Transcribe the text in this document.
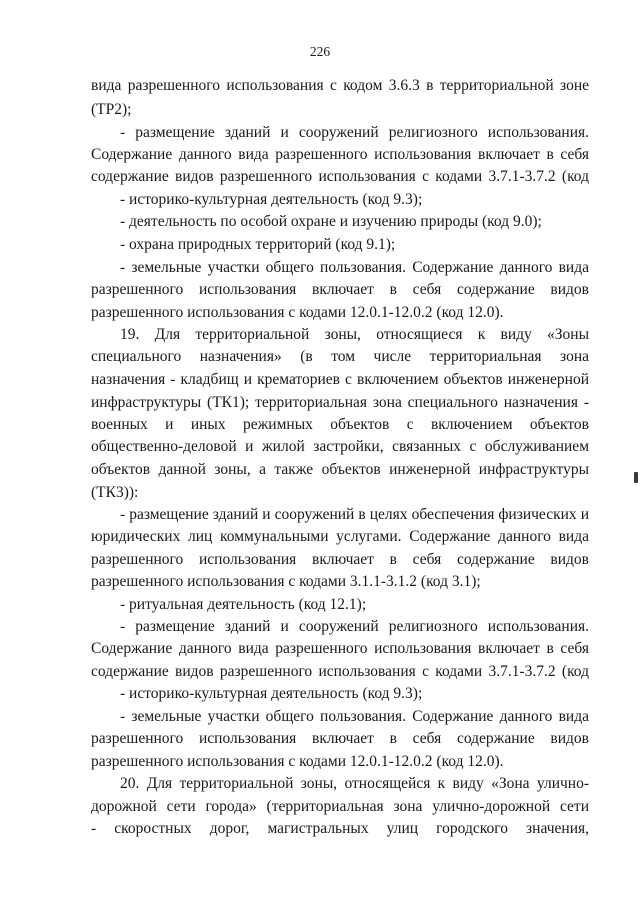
226
вида разрешенного использования с кодом 3.6.3 в территориальной зоне
(ТР2);
- размещение зданий и сооружений религиозного использования.
Содержание данного вида разрешенного использования включает в себя
содержание видов разрешенного использования с кодами 3.7.1-3.7.2 (код
- историко-культурная деятельность (код 9.3);
- деятельность по особой охране и изучению природы (код 9.0);
- охрана природных территорий (код 9.1);
- земельные участки общего пользования. Содержание данного вида
разрешенного использования включает в себя содержание видов
разрешенного использования с кодами 12.0.1-12.0.2 (код 12.0).
19. Для территориальной зоны, относящиеся к виду «Зоны
специального назначения» (в том числе территориальная зона
назначения - кладбищ и крематориев с включением объектов инженерной
инфраструктуры (ТК1); территориальная зона специального назначения -
военных и иных режимных объектов с включением объектов
общественно-деловой и жилой застройки, связанных с обслуживанием
объектов данной зоны, а также объектов инженерной инфраструктуры
(ТК3)):
- размещение зданий и сооружений в целях обеспечения физических и
юридических лиц коммунальными услугами. Содержание данного вида
разрешенного использования включает в себя содержание видов
разрешенного использования с кодами 3.1.1-3.1.2 (код 3.1);
- ритуальная деятельность (код 12.1);
- размещение зданий и сооружений религиозного использования.
Содержание данного вида разрешенного использования включает в себя
содержание видов разрешенного использования с кодами 3.7.1-3.7.2 (код
- историко-культурная деятельность (код 9.3);
- земельные участки общего пользования. Содержание данного вида
разрешенного использования включает в себя содержание видов
разрешенного использования с кодами 12.0.1-12.0.2 (код 12.0).
20. Для территориальной зоны, относящейся к виду «Зона улично-
дорожной сети города» (территориальная зона улично-дорожной сети
- скоростных дорог, магистральных улиц городского значения,
